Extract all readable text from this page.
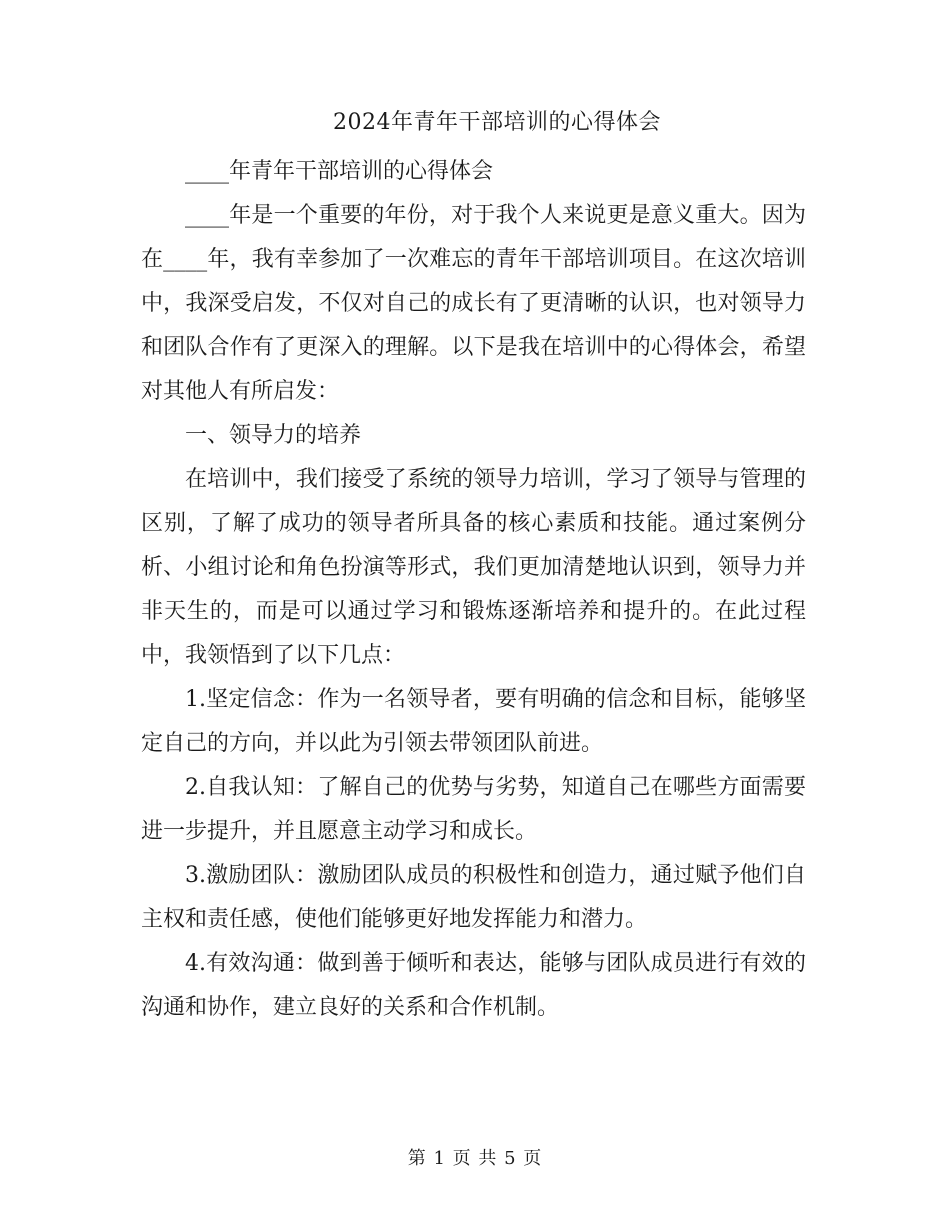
2024年青年干部培训的心得体会

____年青年干部培训的心得体会

____年是一个重要的年份，对于我个人来说更是意义重大。因为在____年，我有幸参加了一次难忘的青年干部培训项目。在这次培训中，我深受启发，不仅对自己的成长有了更清晰的认识，也对领导力和团队合作有了更深入的理解。以下是我在培训中的心得体会，希望对其他人有所启发：

一、领导力的培养

在培训中，我们接受了系统的领导力培训，学习了领导与管理的区别，了解了成功的领导者所具备的核心素质和技能。通过案例分析、小组讨论和角色扮演等形式，我们更加清楚地认识到，领导力并非天生的，而是可以通过学习和锻炼逐渐培养和提升的。在此过程中，我领悟到了以下几点：

1.坚定信念：作为一名领导者，要有明确的信念和目标，能够坚定自己的方向，并以此为引领去带领团队前进。

2.自我认知：了解自己的优势与劣势，知道自己在哪些方面需要进一步提升，并且愿意主动学习和成长。

3.激励团队：激励团队成员的积极性和创造力，通过赋予他们自主权和责任感，使他们能够更好地发挥能力和潜力。

4.有效沟通：做到善于倾听和表达，能够与团队成员进行有效的沟通和协作，建立良好的关系和合作机制。

第 1 页 共 5 页
